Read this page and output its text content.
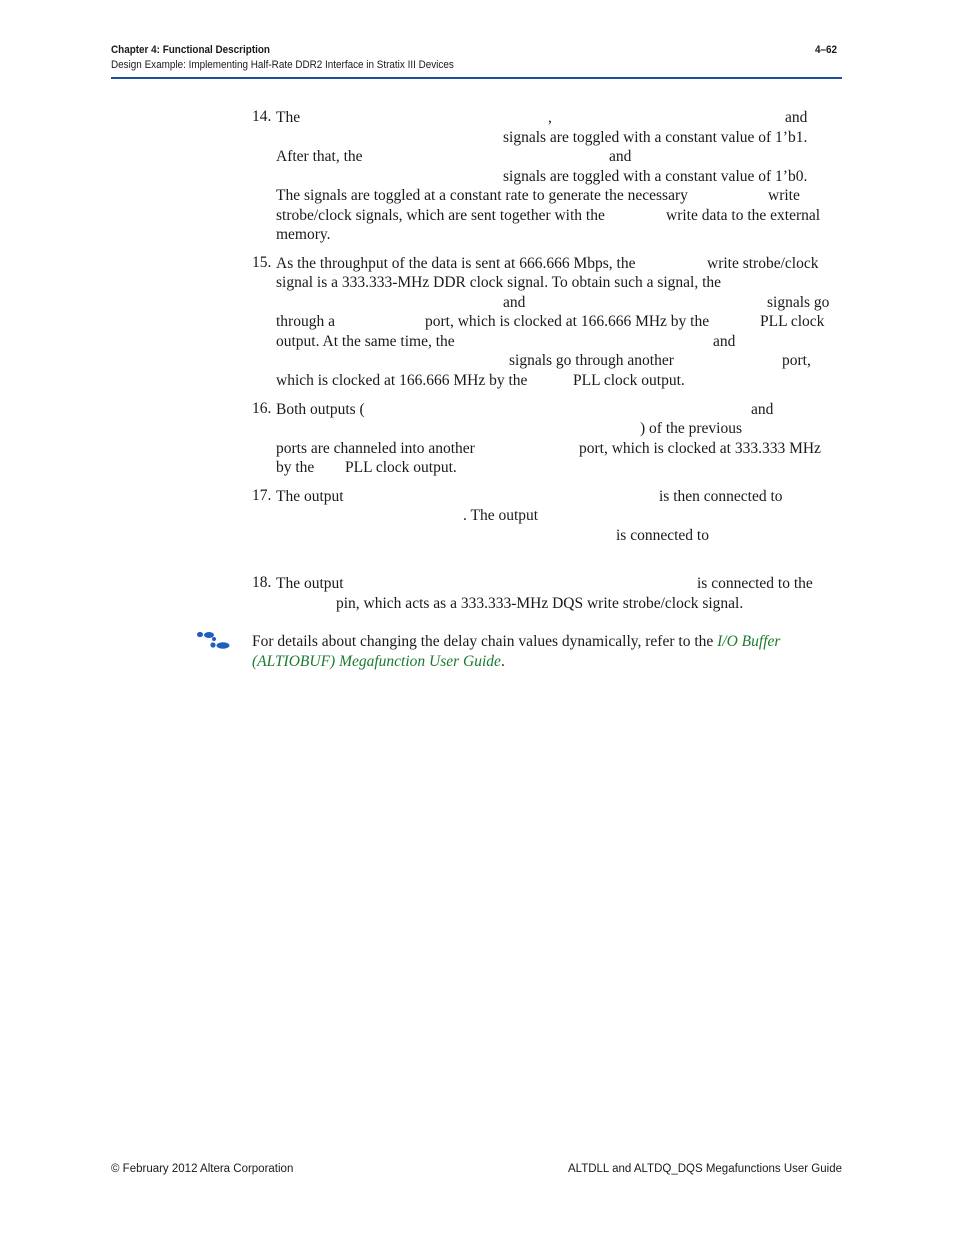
Chapter 4: Functional Description
Design Example: Implementing Half-Rate DDR2 Interface in Stratix III Devices
4–62
14. The	,	and
signals are toggled with a constant value of 1’b1.
After that, the	and
signals are toggled with a constant value of 1’b0.
The signals are toggled at a constant rate to generate the necessary	write
strobe/clock signals, which are sent together with the	write data to the external
memory.
15. As the throughput of the data is sent at 666.666 Mbps, the	write strobe/clock
signal is a 333.333-MHz DDR clock signal. To obtain such a signal, the
and	signals go
through a	port, which is clocked at 166.666 MHz by the	PLL clock
output. At the same time, the	and
signals go through another	port,
which is clocked at 166.666 MHz by the	PLL clock output.
16. Both outputs (	and
) of the previous
ports are channeled into another	port, which is clocked at 333.333 MHz
by the PLL clock output.
17. The output	is then connected to
. The output
is connected to
18. The output	is connected to the
pin, which acts as a 333.333-MHz DQS write strobe/clock signal.
For details about changing the delay chain values dynamically, refer to the I/O Buffer
(ALTIOBUF) Megafunction User Guide.
© February 2012 Altera Corporation	ALTDLL and ALTDQ_DQS Megafunctions User Guide
